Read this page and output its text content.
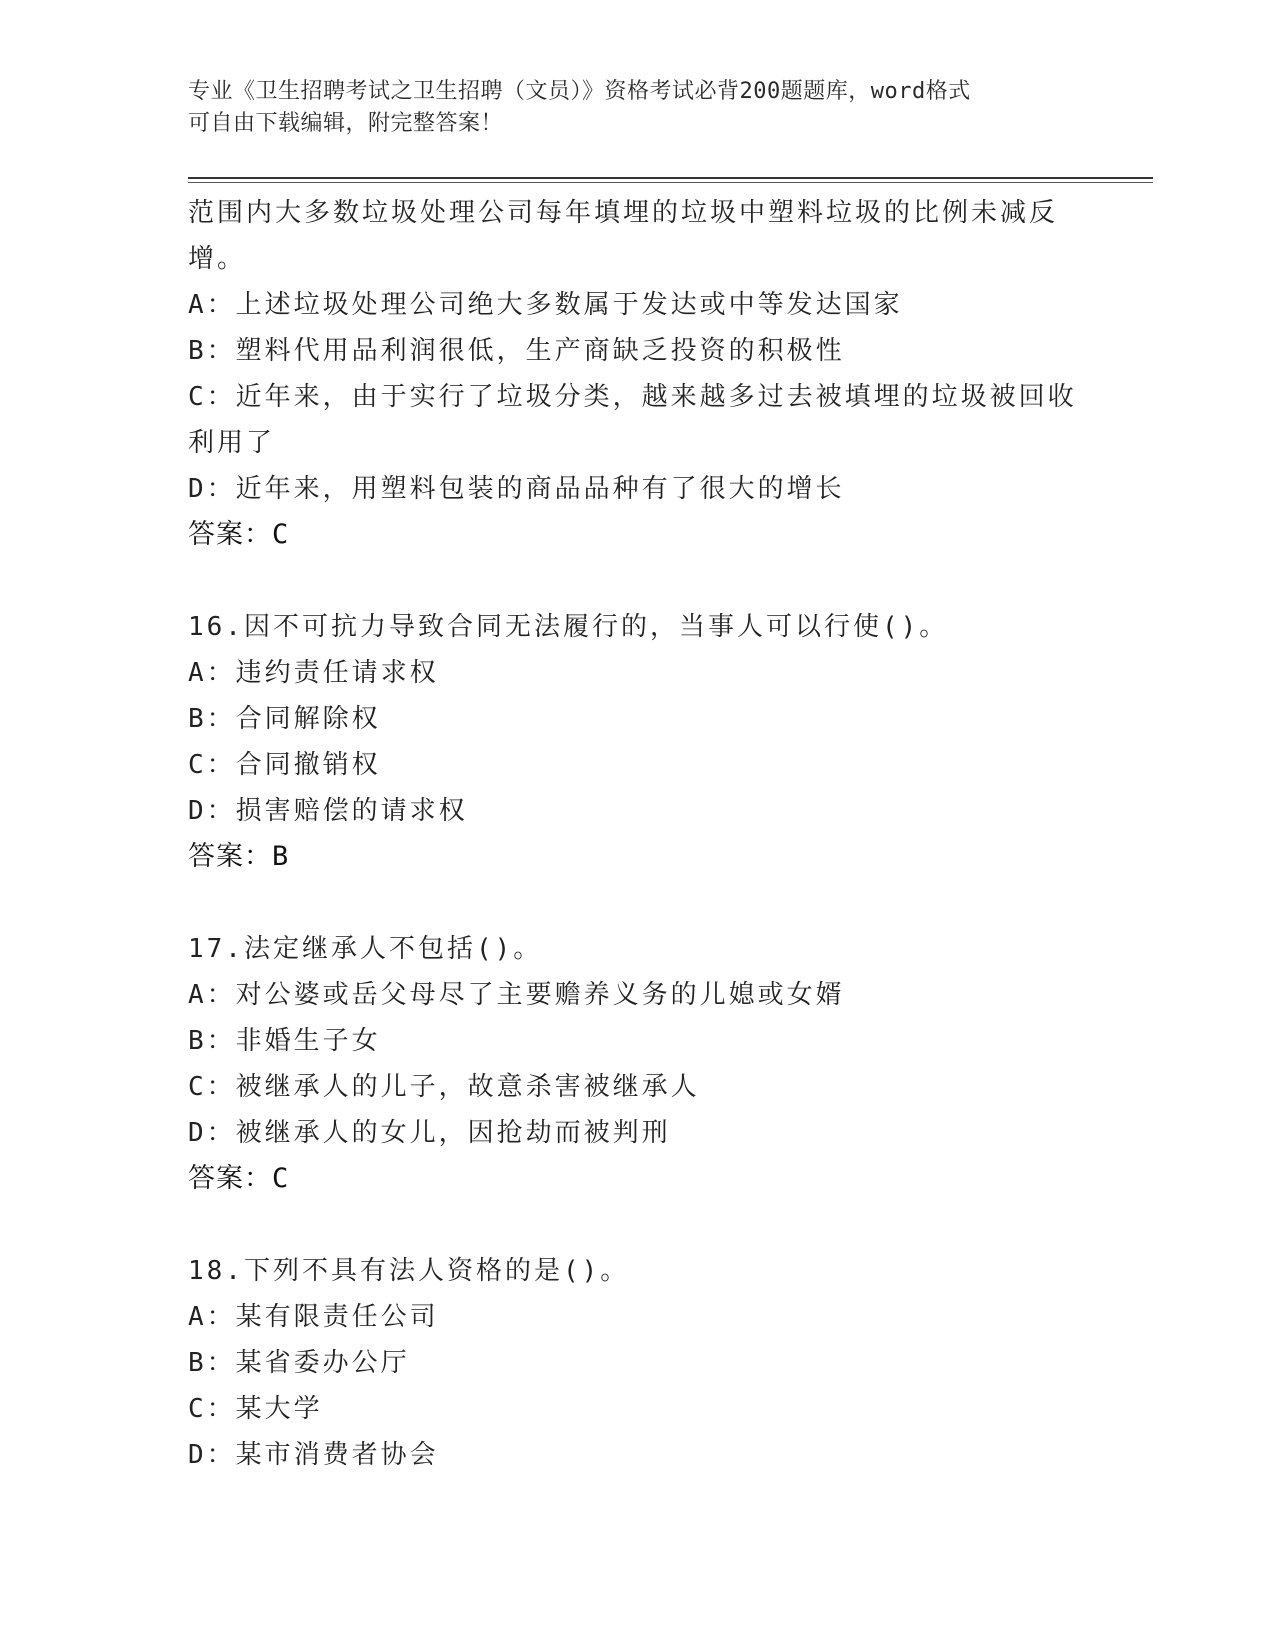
专业《卫生招聘考试之卫生招聘（文员）》资格考试必背200题题库，word格式
可自由下载编辑，附完整答案！
范围内大多数垃圾处理公司每年填埋的垃圾中塑料垃圾的比例未减反
增。
A：上述垃圾处理公司绝大多数属于发达或中等发达国家
B：塑料代用品利润很低，生产商缺乏投资的积极性
C：近年来，由于实行了垃圾分类，越来越多过去被填埋的垃圾被回收
利用了
D：近年来，用塑料包装的商品品种有了很大的增长
答案：C
16.因不可抗力导致合同无法履行的，当事人可以行使()。
A：违约责任请求权
B：合同解除权
C：合同撤销权
D：损害赔偿的请求权
答案：B
17.法定继承人不包括()。
A：对公婆或岳父母尽了主要赡养义务的儿媳或女婿
B：非婚生子女
C：被继承人的儿子，故意杀害被继承人
D：被继承人的女儿，因抢劫而被判刑
答案：C
18.下列不具有法人资格的是()。
A：某有限责任公司
B：某省委办公厅
C：某大学
D：某市消费者协会
